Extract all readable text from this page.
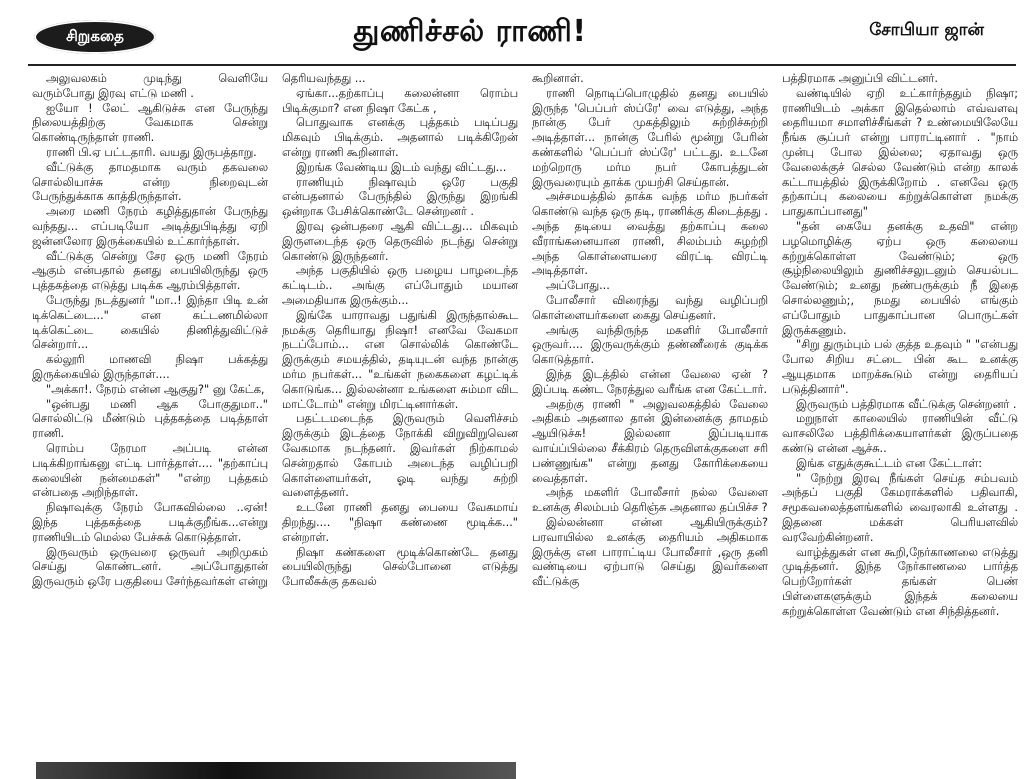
சிறுகதை	துணிச்சல் ராணி!	சோபியா ஜான்

அலுவலகம் முடிந்து வெளியே வரும்போது இரவு எட்டு மணி .

ஐயோ ! லேட் ஆகிடுச்சு என பேருந்து நிலையத்திற்கு வேகமாக சென்று கொண்டிருந்தாள் ராணி.

ராணி பி.ஏ பட்டதாரி. வயது இருபத்தாறு.

வீட்டுக்கு தாமதமாக வரும் தகவலை சொல்லியாச்சு என்ற நிறைவுடன் பேருந்துக்காக காத்திருந்தாள்.

அரை மணி நேரம் கழித்துதான் பேருந்து வந்தது... எப்படியோ அடித்துபிடித்து ஏறி ஜன்னலோர இருக்கையில் உட்கார்ந்தாள்.

வீட்டுக்கு சென்று சேர ஒரு மணி நேரம் ஆகும் என்பதால் தனது பையிலிருந்து ஒரு புத்தகத்தை எடுத்து படிக்க ஆரம்பித்தாள்.

பேருந்து நடத்துனர் "மா..! இந்தா பிடி உன் டிக்கெட்டை..." என கட்டணமில்லா டிக்கெட்டை கையில் திணித்துவிட்டுச் சென்றார்...

கல்லூரி மாணவி நிஷா பக்கத்து இருக்கையில் இருந்தாள்....

"அக்கா!. நேரம் என்ன ஆகுது?" னு கேட்க,

"ஒன்பது மணி ஆக போகுதுமா.." சொல்லிட்டு மீண்டும் புத்தகத்தை படித்தாள் ராணி.

ரொம்ப நேரமா அப்படி என்ன படிக்கிறாங்கனு எட்டி பார்த்தாள்.... "தற்காப்பு கலையின் நன்மைகள்" "என்ற புத்தகம் என்பதை அறிந்தாள்.

நிஷாவுக்கு நேரம் போகவில்லை ..ஏன்! இந்த புத்தகத்தை படிக்குறீங்க...என்று ராணியிடம் மெல்ல பேச்சுக் கொடுத்தாள்.

இருவரும் ஒருவரை ஒருவர் அறிமுகம் செய்து கொண்டனர். அப்போதுதான் இருவரும் ஒரே பகுதியை சேர்ந்தவர்கள் என்று

தெரியவந்தது ...

ஏங்கா...தற்காப்பு கலைன்னா ரொம்ப பிடிக்குமா? என நிஷா கேட்க ,

பொதுவாக எனக்கு புத்தகம் படிப்பது மிகவும் பிடிக்கும். அதனால் படிக்கிறேன் என்று ராணி கூறினாள்.

இறங்க வேண்டிய இடம் வந்து விட்டது...

ராணியும் நிஷாவும் ஒரே பகுதி என்பதனால் பேருந்தில் இருந்து இறங்கி ஒன்றாக பேசிக்கொண்டே சென்றனர் .

இரவு ஒன்பதரை ஆகி விட்டது... மிகவும் இருளடைந்த ஒரு தெருவில் நடந்து சென்று கொண்டு இருந்தனர்.

அந்த பகுதியில் ஒரு பழைய பாழடைந்த கட்டிடம்.. அங்கு எப்போதும் மயான அமைதியாக இருக்கும்...

இங்கே யாராவது பதுங்கி இருந்தால்கூட நமக்கு தெரியாது நிஷா! எனவே வேகமா நடப்போம்... என சொல்லிக் கொண்டே இருக்கும் சமயத்தில், தடியுடன் வந்த நான்கு மர்ம நபர்கள்... "உங்கள் நகைகளை கழட்டிக் கொடுங்க... இல்லன்னா உங்களை சும்மா விட மாட்டோம்" என்று மிரட்டினார்கள்.

பதட்டமடைந்த இருவரும் வெளிச்சம் இருக்கும் இடத்தை நோக்கி விறுவிறுவென வேகமாக நடந்தனர். இவர்கள் நிற்காமல் சென்றதால் கோபம் அடைந்த வழிப்பறி கொள்ளையர்கள், ஓடி வந்து சுற்றி வளைத்தனர்.

உடனே ராணி தனது பையை வேகமாய் திறந்து.... "நிஷா கண்ணை மூடிக்க..." என்றாள்.

நிஷா கண்களை மூடிக்கொண்டே தனது பையிலிருந்து செல்போனை எடுத்து போலீசுக்கு தகவல்

கூறினாள்.

ராணி நொடிப்பொழுதில் தனது பையில் இருந்த 'பெப்பர் ஸ்ப்ரே' வை எடுத்து, அந்த நான்கு பேர் முகத்திலும் சுற்றிச்சுற்றி அடித்தாள்... நான்கு பேரில் மூன்று பேரின் கண்களில் 'பெப்பர் ஸ்ப்ரே' பட்டது. உடனே மற்றொரு மர்ம நபர் கோபத்துடன் இருவரையும் தாக்க முயற்சி செய்தான்.

அச்சமயத்தில் தாக்க வந்த மர்ம நபர்கள் கொண்டு வந்த ஒரு தடி, ராணிக்கு கிடைத்தது . அந்த தடியை வைத்து தற்காப்பு கலை வீராங்கனையான ராணி, சிலம்பம் சுழற்றி அந்த கொள்ளையரை விரட்டி விரட்டி அடித்தாள்.

அப்போது...

போலீசார் விரைந்து வந்து வழிப்பறி கொள்ளையர்களை கைது செய்தனர்.

அங்கு வந்திருந்த மகளிர் போலீசார் ஒருவர்.... இருவருக்கும் தண்ணீரைக் குடிக்க கொடுத்தார்.

இந்த இடத்தில் என்ன வேலை ஏன் ? இப்படி கண்ட நேரத்துல வரீங்க என கேட்டார்.

அதற்கு ராணி " அலுவலகத்தில் வேலை அதிகம் அதனால தான் இன்னைக்கு தாமதம் ஆயிடுச்சு! இல்லனா இப்படியாக வாய்ப்பில்லை சீக்கிரம் தெருவிளக்குகளை சரி பண்ணுங்க" என்று தனது கோரிக்கையை வைத்தாள்.

அந்த மகளிர் போலீசார் நல்ல வேளை உனக்கு சிலம்பம் தெரிஞ்சு அதனால தப்பிச்ச ?

இல்லன்னா என்ன ஆகியிருக்கும்? பரவாயில்ல உனக்கு தைரியம் அதிகமாக இருக்கு என பாராட்டிய போலீசார் ,ஒரு தனி வண்டியை ஏற்பாடு செய்து இவர்களை வீட்டுக்கு

பத்திரமாக அனுப்பி விட்டனர்.

வண்டியில் ஏறி உட்கார்ந்ததும் நிஷா; ராணியிடம் அக்கா இதெல்லாம் எவ்வளவு தைரியமா சமாளிச்சீங்கள் ? உண்மையிலேயே நீங்க சூப்பர் என்று பாராட்டினார் . "நாம் முன்பு போல இல்லை; ஏதாவது ஒரு வேலைக்குச் செல்ல வேண்டும் என்ற காலக் கட்டாயத்தில் இருக்கிறோம் . எனவே ஒரு தற்காப்பு கலையை கற்றுக்கொள்ள நமக்கு பாதுகாப்பானது"

"தன் கையே தனக்கு உதவி" என்ற பழமொழிக்கு ஏற்ப ஒரு கலையை கற்றுக்கொள்ள வேண்டும்; ஒரு சூழ்நிலையிலும் துணிச்சலுடனும் செயல்பட வேண்டும்; உனது நண்பருக்கும் நீ இதை சொல்லணும்;, நமது பையில் எங்கும் எப்போதும் பாதுகாப்பான பொருட்கள் இருக்கணும்.

"சிறு துரும்பும் பல் குத்த உதவும் " "என்பது போல சிறிய சட்டை பின் கூட உனக்கு ஆயுதமாக மாறக்கூடும் என்று தைரியப் படுத்தினார்".

இருவரும் பத்திரமாக வீட்டுக்கு சென்றனர் .

மறுநாள் காலையில் ராணியின் வீட்டு வாசலிலே பத்திரிக்கையாளர்கள் இருப்பதை கண்டு என்ன ஆச்சு..

இங்க எதுக்குகூட்டம் என கேட்டாள்:

" நேற்று இரவு நீங்கள் செய்த சம்பவம் அந்தப் பகுதி கேமராக்களில் பதிவாகி, சமூகவலைத்தளங்களில் வைரலாகி உள்ளது . இதனை மக்கள் பெரியளவில் வரவேற்கின்றனர்.

வாழ்த்துகள் என கூறி,நேர்காணலை எடுத்து முடித்தனர். இந்த நேர்காணலை பார்த்த பெற்றோர்கள் தங்கள் பெண் பிள்ளைகளுக்கும் இந்தக் கலையை கற்றுக்கொள்ள வேண்டும் என சிந்தித்தனர்.
